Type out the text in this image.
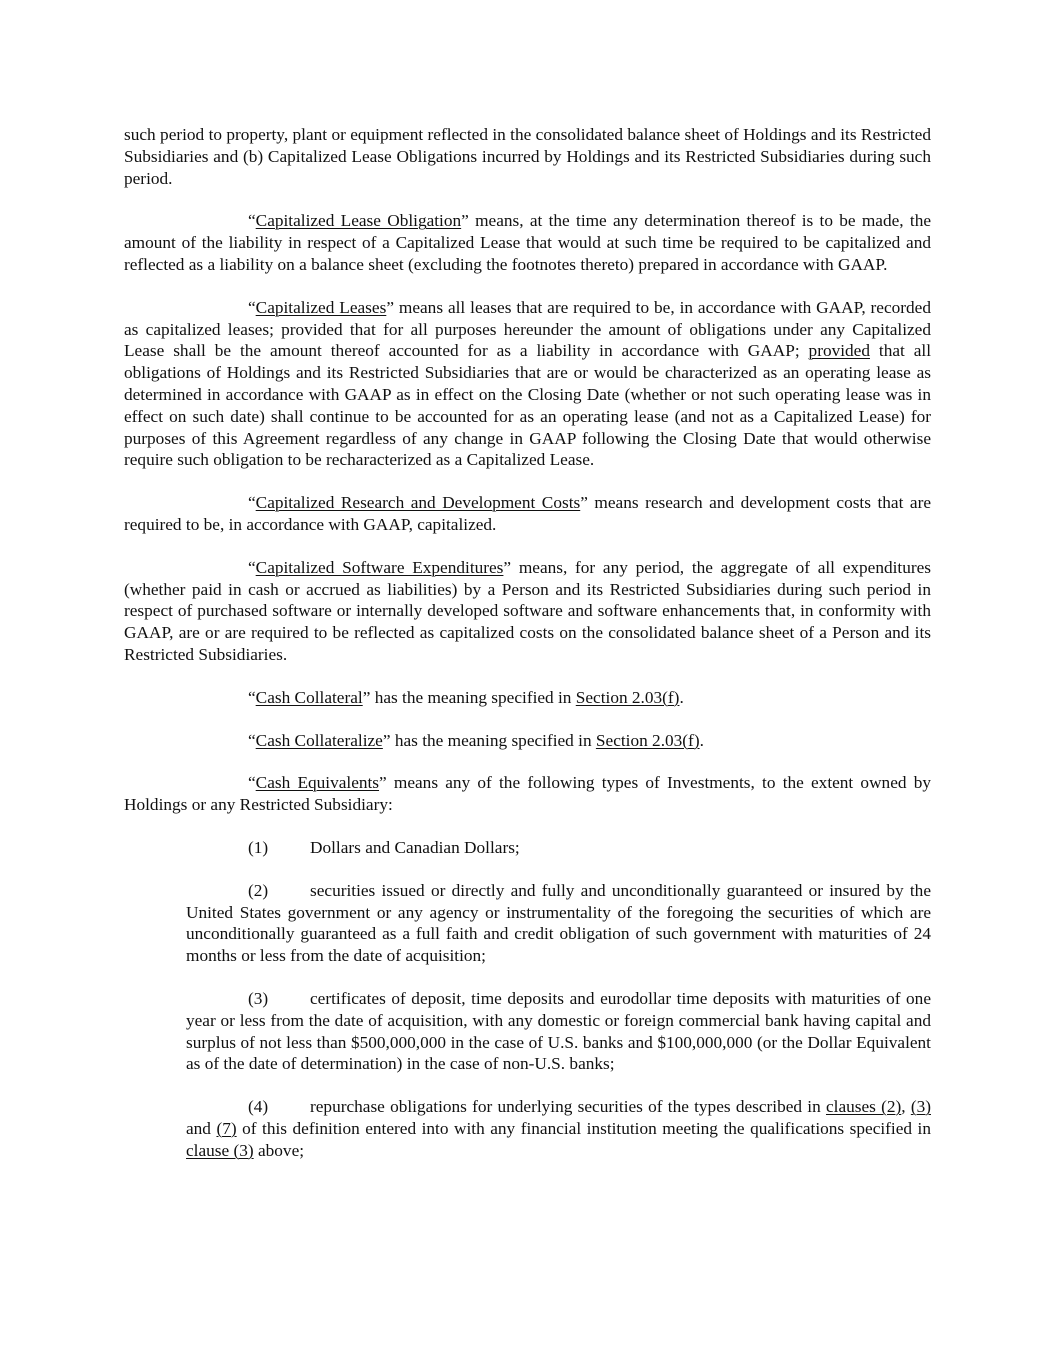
such period to property, plant or equipment reflected in the consolidated balance sheet of Holdings and its Restricted Subsidiaries and (b) Capitalized Lease Obligations incurred by Holdings and its Restricted Subsidiaries during such period.

“Capitalized Lease Obligation” means, at the time any determination thereof is to be made, the amount of the liability in respect of a Capitalized Lease that would at such time be required to be capitalized and reflected as a liability on a balance sheet (excluding the footnotes thereto) prepared in accordance with GAAP.

“Capitalized Leases” means all leases that are required to be, in accordance with GAAP, recorded as capitalized leases; provided that for all purposes hereunder the amount of obligations under any Capitalized Lease shall be the amount thereof accounted for as a liability in accordance with GAAP; provided that all obligations of Holdings and its Restricted Subsidiaries that are or would be characterized as an operating lease as determined in accordance with GAAP as in effect on the Closing Date (whether or not such operating lease was in effect on such date) shall continue to be accounted for as an operating lease (and not as a Capitalized Lease) for purposes of this Agreement regardless of any change in GAAP following the Closing Date that would otherwise require such obligation to be recharacterized as a Capitalized Lease.

“Capitalized Research and Development Costs” means research and development costs that are required to be, in accordance with GAAP, capitalized.

“Capitalized Software Expenditures” means, for any period, the aggregate of all expenditures (whether paid in cash or accrued as liabilities) by a Person and its Restricted Subsidiaries during such period in respect of purchased software or internally developed software and software enhancements that, in conformity with GAAP, are or are required to be reflected as capitalized costs on the consolidated balance sheet of a Person and its Restricted Subsidiaries.

“Cash Collateral” has the meaning specified in Section 2.03(f).

“Cash Collateralize” has the meaning specified in Section 2.03(f).

“Cash Equivalents” means any of the following types of Investments, to the extent owned by Holdings or any Restricted Subsidiary:

(1) Dollars and Canadian Dollars;

(2) securities issued or directly and fully and unconditionally guaranteed or insured by the United States government or any agency or instrumentality of the foregoing the securities of which are unconditionally guaranteed as a full faith and credit obligation of such government with maturities of 24 months or less from the date of acquisition;

(3) certificates of deposit, time deposits and eurodollar time deposits with maturities of one year or less from the date of acquisition, with any domestic or foreign commercial bank having capital and surplus of not less than $500,000,000 in the case of U.S. banks and $100,000,000 (or the Dollar Equivalent as of the date of determination) in the case of non-U.S. banks;

(4) repurchase obligations for underlying securities of the types described in clauses (2), (3) and (7) of this definition entered into with any financial institution meeting the qualifications specified in clause (3) above;
